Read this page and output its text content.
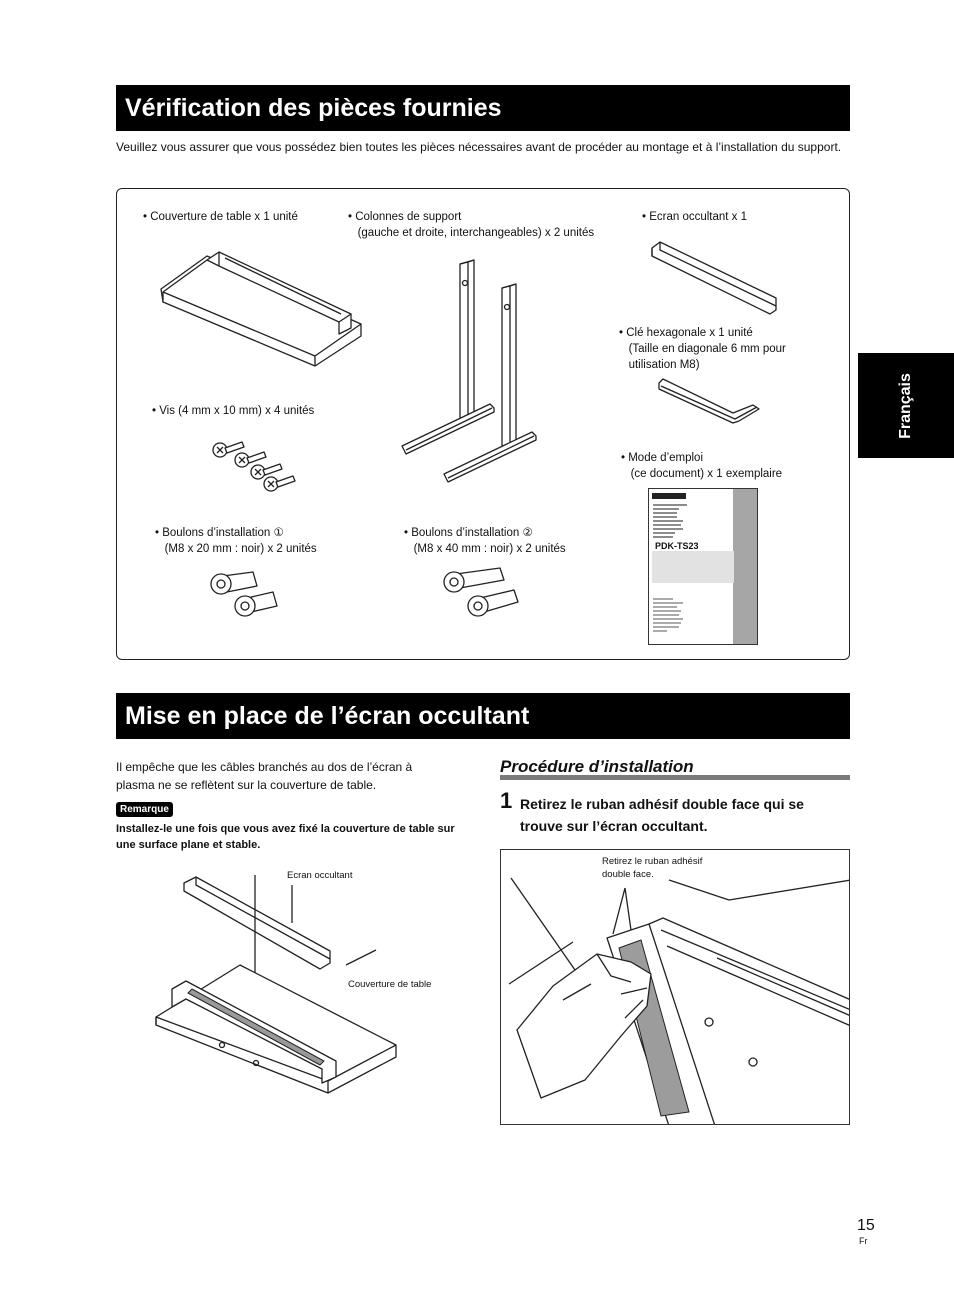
Vérification des pièces fournies
Veuillez vous assurer que vous possédez bien toutes les pièces nécessaires avant de procéder au montage et à l’installation du support.
• Couverture de table x 1 unité	• Colonnes de support
(gauche et droite, interchangeables) x 2 unités
• Ecran occultant x 1
• Clé hexagonale x 1 unité
(Taille en diagonale 6 mm pour
utilisation M8)
• Vis (4 mm x 10 mm) x 4 unités
• Mode d’emploi
(ce document) x 1 exemplaire
• Boulons d’installation ①
(M8 x 20 mm : noir) x 2 unités
• Boulons d’installation ②
(M8 x 40 mm : noir) x 2 unités	PDK-TS23
Français
Mise en place de l’écran occultant
Il empêche que les câbles branchés au dos de l’écran à plasma ne se reflètent sur la couverture de table.
Remarque
Installez-le une fois que vous avez fixé la couverture de table sur une surface plane et stable.
Ecran occultant
Couverture de table
Procédure d’installation
1 Retirez le ruban adhésif double face qui se trouve sur l’écran occultant.
Retirez le ruban adhésif
double face.
15
Fr
